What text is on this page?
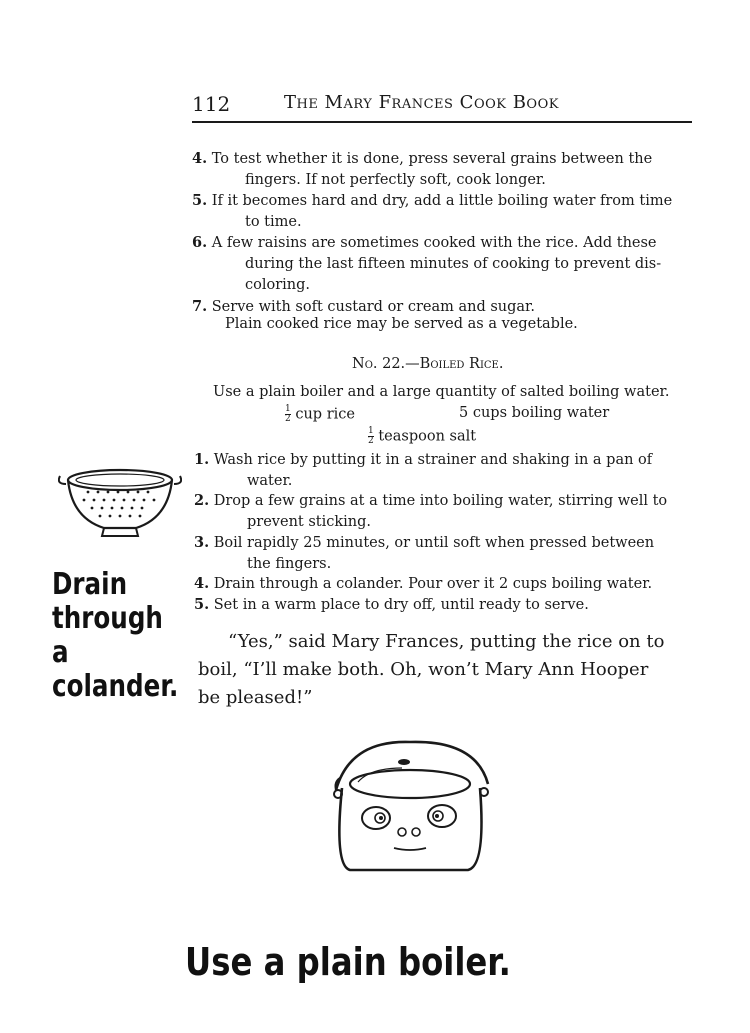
112	The Mary Frances Cook Book
4. To test whether it is done, press several grains between the
fingers. If not perfectly soft, cook longer.
5. If it becomes hard and dry, add a little boiling water from time
to time.
6. A few raisins are sometimes cooked with the rice. Add these
during the last fifteen minutes of cooking to prevent dis-
coloring.
7. Serve with soft custard or cream and sugar.
Plain cooked rice may be served as a vegetable.
No. 22.—Boiled Rice.
Use a plain boiler and a large quantity of salted boiling water.
$\frac{1}{2}$ cup rice	5 cups boiling water
$\frac{1}{2}$ teaspoon salt
1. Wash rice by putting it in a strainer and shaking in a pan of
water.
2. Drop a few grains at a time into boiling water, stirring well to
prevent sticking.
3. Boil rapidly 25 minutes, or until soft when pressed between
the fingers.
4. Drain through a colander. Pour over it 2 cups boiling water.
5. Set in a warm place to dry off, until ready to serve.
“Yes,” said Mary Frances, putting the rice on to
boil, “I’ll make both. Oh, won’t Mary Ann Hooper
be pleased!”
Drain
through
a
colander.
Use a plain boiler.
